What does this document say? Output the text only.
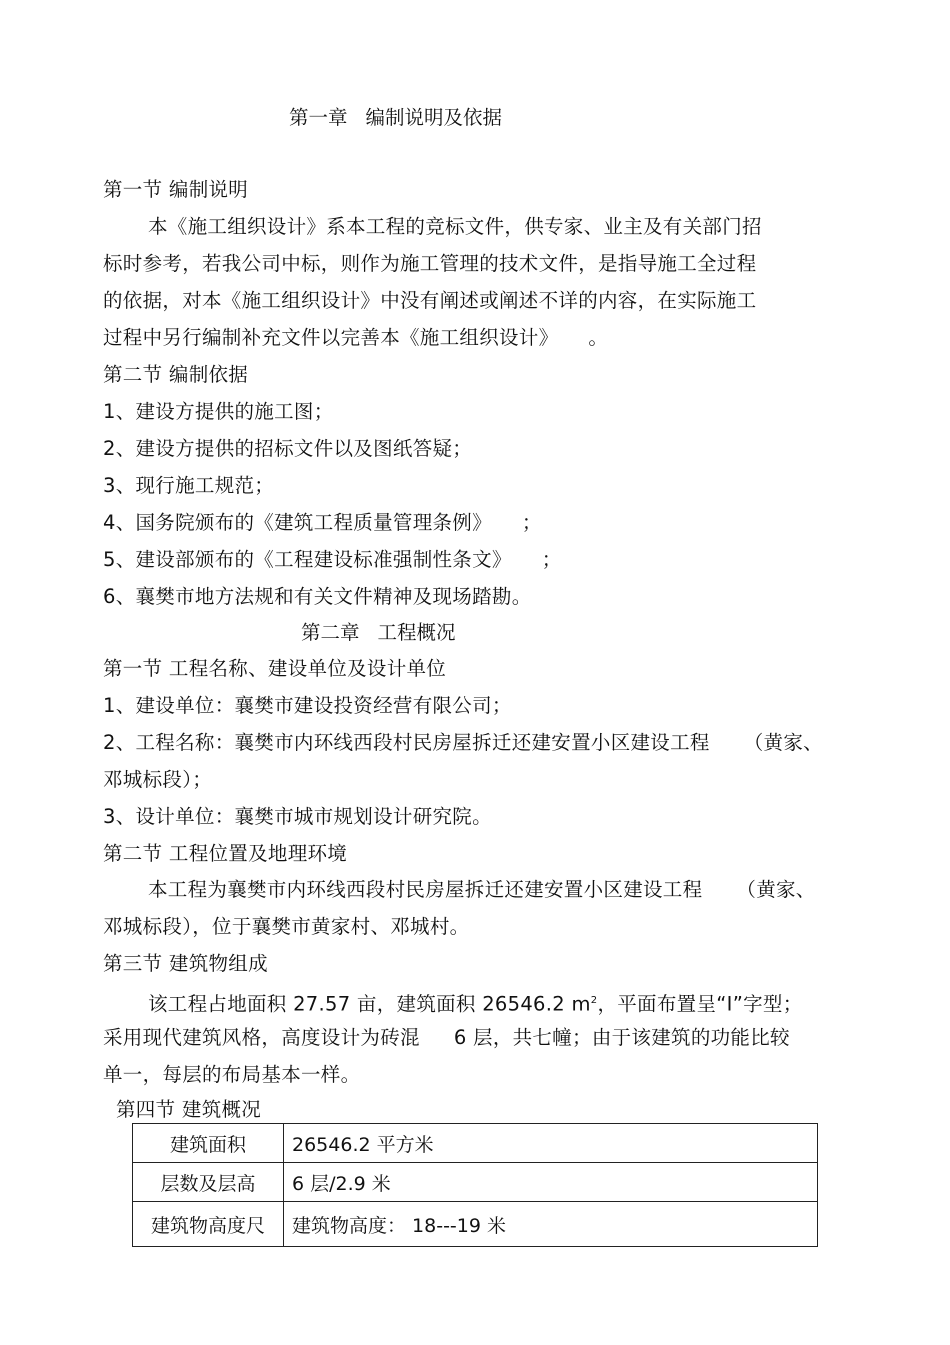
第一章 编制说明及依据
第一节 编制说明
本《施工组织设计》系本工程的竞标文件，供专家、业主及有关部门招
标时参考，若我公司中标，则作为施工管理的技术文件，是指导施工全过程
的依据，对本《施工组织设计》中没有阐述或阐述不详的内容，在实际施工
过程中另行编制补充文件以完善本《施工组织设计》 。
第二节 编制依据
1、建设方提供的施工图；
2、建设方提供的招标文件以及图纸答疑；
3、现行施工规范；
4、国务院颁布的《建筑工程质量管理条例》 ；
5、建设部颁布的《工程建设标准强制性条文》 ；
6、襄樊市地方法规和有关文件精神及现场踏勘。
第二章 工程概况
第一节 工程名称、建设单位及设计单位
1、建设单位：襄樊市建设投资经营有限公司；
2、工程名称：襄樊市内环线西段村民房屋拆迁还建安置小区建设工程 （黄家、
邓城标段）；
3、设计单位：襄樊市城市规划设计研究院。
第二节 工程位置及地理环境
本工程为襄樊市内环线西段村民房屋拆迁还建安置小区建设工程 （黄家、
邓城标段），位于襄樊市黄家村、邓城村。
第三节 建筑物组成
该工程占地面积 27.57 亩，建筑面积 26546.2 $m^2$，平面布置呈“I”字型；
采用现代建筑风格，高度设计为砖混 6 层，共七幢；由于该建筑的功能比较
单一，每层的布局基本一样。
第四节 建筑概况
建筑面积	26546.2 平方米
层数及层高	6 层/2.9 米
建筑物高度尺	建筑物高度： 18---19 米
